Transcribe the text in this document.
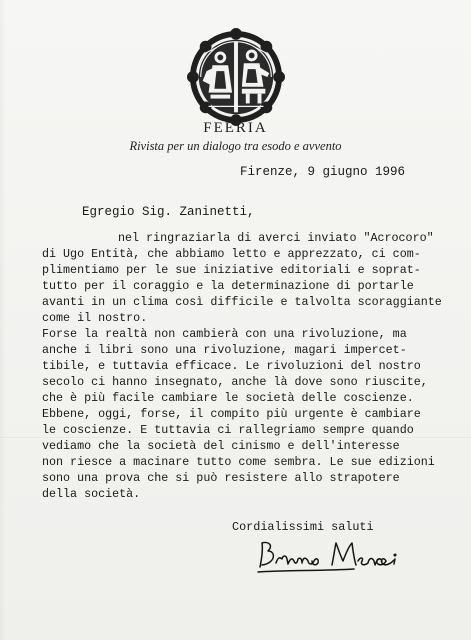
FEERIA
Rivista per un dialogo tra esodo e avvento
Firenze, 9 giugno 1996
Egregio Sig. Zaninetti,
nel ringraziarla di averci inviato "Acrocoro"
di Ugo Entità, che abbiamo letto e apprezzato, ci com-
plimentiamo per le sue iniziative editoriali e soprat-
tutto per il coraggio e la determinazione di portarle
avanti in un clima così difficile e talvolta scoraggiante
come il nostro.
Forse la realtà non cambierà con una rivoluzione, ma
anche i libri sono una rivoluzione, magari impercet-
tibile, e tuttavia efficace. Le rivoluzioni del nostro
secolo ci hanno insegnato, anche là dove sono riuscite,
che è più facile cambiare le società delle coscienze.
Ebbene, oggi, forse, il compito più urgente è cambiare
le coscienze. E tuttavia ci rallegriamo sempre quando
vediamo che la società del cinismo e dell'interesse
non riesce a macinare tutto come sembra. Le sue edizioni
sono una prova che si può resistere allo strapotere
della società.
Cordialissimi saluti
